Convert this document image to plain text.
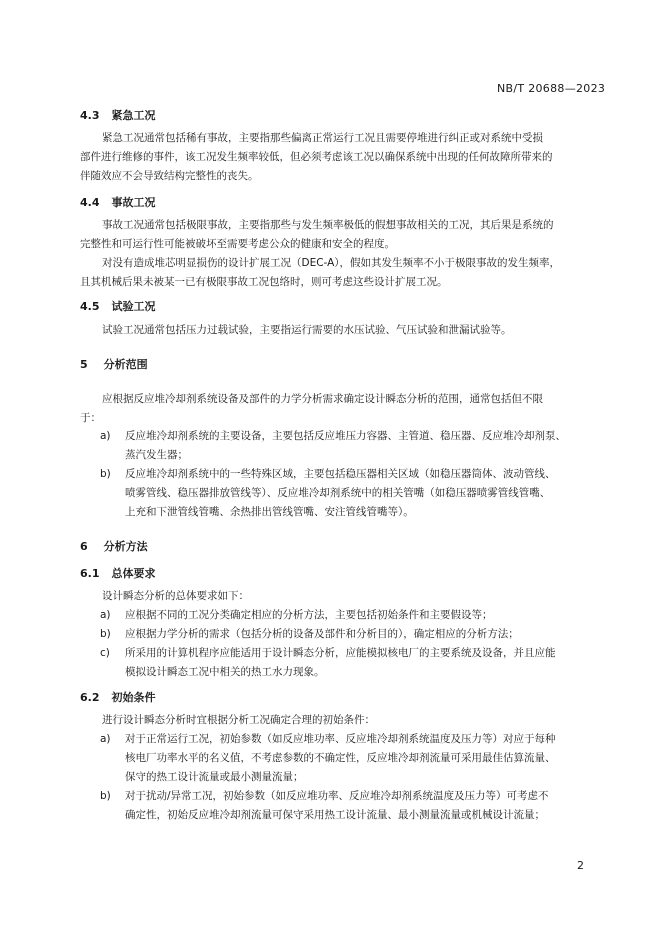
NB/T 20688—2023
4.3 紧急工况
紧急工况通常包括稀有事故，主要指那些偏离正常运行工况且需要停堆进行纠正或对系统中受损
部件进行维修的事件，该工况发生频率较低，但必须考虑该工况以确保系统中出现的任何故障所带来的
伴随效应不会导致结构完整性的丧失。
4.4 事故工况
事故工况通常包括极限事故，主要指那些与发生频率极低的假想事故相关的工况，其后果是系统的
完整性和可运行性可能被破坏至需要考虑公众的健康和安全的程度。
对没有造成堆芯明显损伤的设计扩展工况（DEC-A），假如其发生频率不小于极限事故的发生频率，
且其机械后果未被某一已有极限事故工况包络时，则可考虑这些设计扩展工况。
4.5 试验工况
试验工况通常包括压力过载试验，主要指运行需要的水压试验、气压试验和泄漏试验等。
5 分析范围
应根据反应堆冷却剂系统设备及部件的力学分析需求确定设计瞬态分析的范围，通常包括但不限
于：
a) 反应堆冷却剂系统的主要设备，主要包括反应堆压力容器、主管道、稳压器、反应堆冷却剂泵、
蒸汽发生器；
b) 反应堆冷却剂系统中的一些特殊区域，主要包括稳压器相关区域（如稳压器筒体、波动管线、
喷雾管线、稳压器排放管线等）、反应堆冷却剂系统中的相关管嘴（如稳压器喷雾管线管嘴、
上充和下泄管线管嘴、余热排出管线管嘴、安注管线管嘴等）。
6 分析方法
6.1 总体要求
设计瞬态分析的总体要求如下：
a) 应根据不同的工况分类确定相应的分析方法，主要包括初始条件和主要假设等；
b) 应根据力学分析的需求（包括分析的设备及部件和分析目的），确定相应的分析方法；
c) 所采用的计算机程序应能适用于设计瞬态分析，应能模拟核电厂的主要系统及设备，并且应能
模拟设计瞬态工况中相关的热工水力现象。
6.2 初始条件
进行设计瞬态分析时宜根据分析工况确定合理的初始条件：
a) 对于正常运行工况，初始参数（如反应堆功率、反应堆冷却剂系统温度及压力等）对应于每种
核电厂功率水平的名义值，不考虑参数的不确定性，反应堆冷却剂流量可采用最佳估算流量、
保守的热工设计流量或最小测量流量；
b) 对于扰动/异常工况，初始参数（如反应堆功率、反应堆冷却剂系统温度及压力等）可考虑不
确定性，初始反应堆冷却剂流量可保守采用热工设计流量、最小测量流量或机械设计流量；
2
